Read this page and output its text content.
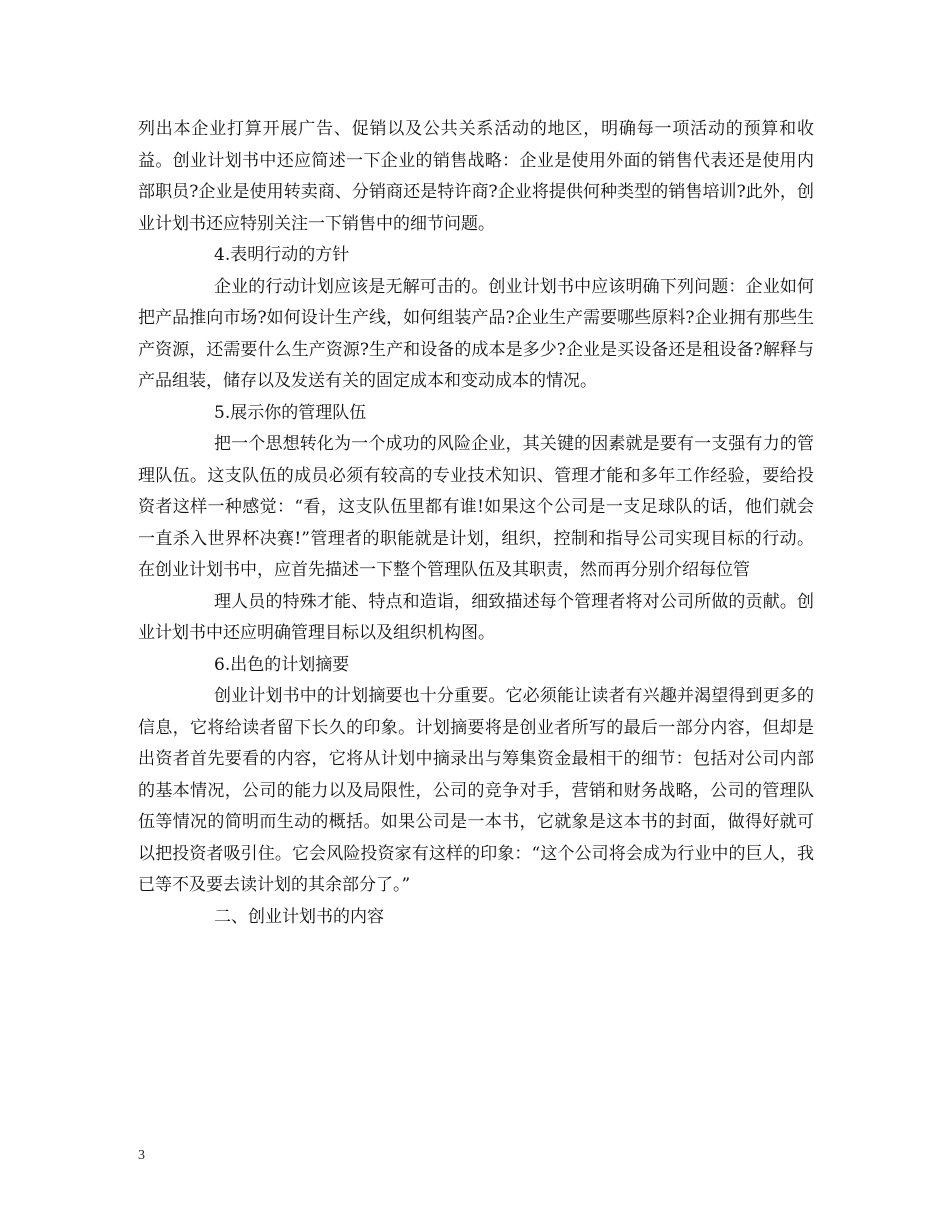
列出本企业打算开展广告、促销以及公共关系活动的地区，明确每一项活动的预算和收益。创业计划书中还应简述一下企业的销售战略：企业是使用外面的销售代表还是使用内部职员?企业是使用转卖商、分销商还是特许商?企业将提供何种类型的销售培训?此外，创业计划书还应特别关注一下销售中的细节问题。

4.表明行动的方针

企业的行动计划应该是无解可击的。创业计划书中应该明确下列问题：企业如何把产品推向市场?如何设计生产线，如何组装产品?企业生产需要哪些原料?企业拥有那些生产资源，还需要什么生产资源?生产和设备的成本是多少?企业是买设备还是租设备?解释与产品组装，储存以及发送有关的固定成本和变动成本的情况。

5.展示你的管理队伍

把一个思想转化为一个成功的风险企业，其关键的因素就是要有一支强有力的管理队伍。这支队伍的成员必须有较高的专业技术知识、管理才能和多年工作经验，要给投资者这样一种感觉：“看，这支队伍里都有谁!如果这个公司是一支足球队的话，他们就会一直杀入世界杯决赛!”管理者的职能就是计划，组织，控制和指导公司实现目标的行动。在创业计划书中，应首先描述一下整个管理队伍及其职责，然而再分别介绍每位管

理人员的特殊才能、特点和造诣，细致描述每个管理者将对公司所做的贡献。创业计划书中还应明确管理目标以及组织机构图。

6.出色的计划摘要

创业计划书中的计划摘要也十分重要。它必须能让读者有兴趣并渴望得到更多的信息，它将给读者留下长久的印象。计划摘要将是创业者所写的最后一部分内容，但却是出资者首先要看的内容，它将从计划中摘录出与筹集资金最相干的细节：包括对公司内部的基本情况，公司的能力以及局限性，公司的竞争对手，营销和财务战略，公司的管理队伍等情况的简明而生动的概括。如果公司是一本书，它就象是这本书的封面，做得好就可以把投资者吸引住。它会风险投资家有这样的印象：“这个公司将会成为行业中的巨人，我已等不及要去读计划的其余部分了。”

二、创业计划书的内容

3
